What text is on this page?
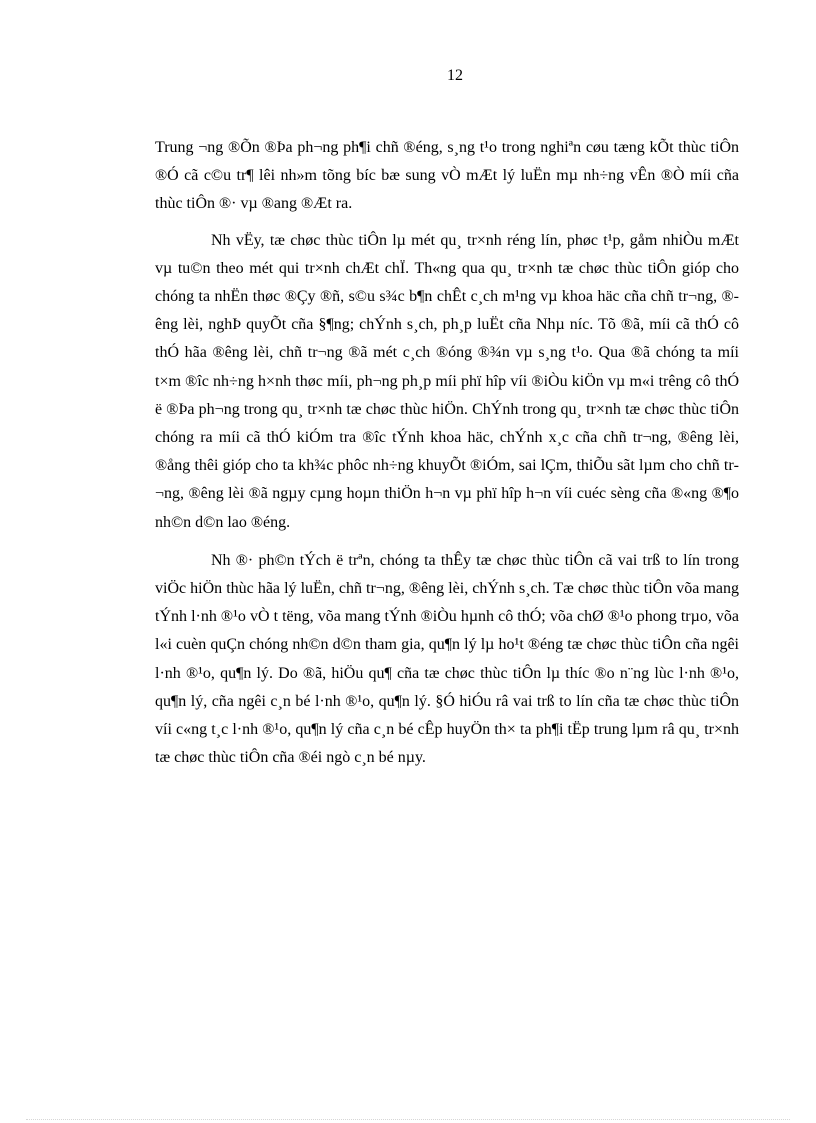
12

Trung ¬ng ®Õn ®Þa ph¬ng ph¶i chñ ®éng, s¸ng t¹o trong nghiªn cøu tæng kÕt thùc tiÔn ®Ó cã c©u tr¶ lêi nh»m tõng bíc bæ sung vÒ mÆt lý luËn mµ nh÷ng vÊn ®Ò míi cña thùc tiÔn ®· vµ ®ang ®Æt ra.

Nh vËy, tæ chøc thùc tiÔn lµ mét qu¸ tr×nh réng lín, phøc t¹p, gåm nhiÒu mÆt vµ tu©n theo mét qui tr×nh chÆt chÏ. Th«ng qua qu¸ tr×nh tæ chøc thùc tiÔn gióp cho chóng ta nhËn thøc ®Çy ®ñ, s©u s¾c b¶n chÊt c¸ch m¹ng vµ khoa häc cña chñ tr¬ng, ®êng lèi, nghÞ quyÕt cña §¶ng; chÝnh s¸ch, ph¸p luËt cña Nhµ níc. Tõ ®ã, míi cã thÓ cô thÓ hãa ®êng lèi, chñ tr¬ng ®ã mét c¸ch ®óng ®¾n vµ s¸ng t¹o. Qua ®ã chóng ta míi t×m ®îc nh÷ng h×nh thøc míi, ph¬ng ph¸p míi phï hîp víi ®iÒu kiÖn vµ m«i trêng cô thÓ ë ®Þa ph¬ng trong qu¸ tr×nh tæ chøc thùc hiÖn. ChÝnh trong qu¸ tr×nh tæ chøc thùc tiÔn chóng ra míi cã thÓ kiÓm tra ®îc tÝnh khoa häc, chÝnh x¸c cña chñ tr¬ng, ®êng lèi, ®ång thêi gióp cho ta kh¾c phôc nh÷ng khuyÕt ®iÓm, sai lÇm, thiÕu sãt lµm cho chñ tr¬ng, ®êng lèi ®ã ngµy cµng hoµn thiÖn h¬n vµ phï hîp h¬n víi cuéc sèng cña ®«ng ®¶o nh©n d©n lao ®éng.

Nh ®· ph©n tÝch ë trªn, chóng ta thÊy tæ chøc thùc tiÔn cã vai trß to lín trong viÖc hiÖn thùc hãa lý luËn, chñ tr¬ng, ®êng lèi, chÝnh s¸ch. Tæ chøc thùc tiÔn võa mang tÝnh l·nh ®¹o vÒ t tëng, võa mang tÝnh ®iÒu hµnh cô thÓ; võa chØ ®¹o phong trµo, võa l«i cuèn quÇn chóng nh©n d©n tham gia, qu¶n lý lµ ho¹t ®éng tæ chøc thùc tiÔn cña ngêi l·nh ®¹o, qu¶n lý. Do ®ã, hiÖu qu¶ cña tæ chøc thùc tiÔn lµ thíc ®o n¨ng lùc l·nh ®¹o, qu¶n lý, cña ngêi c¸n bé l·nh ®¹o, qu¶n lý. §Ó hiÓu râ vai trß to lín cña tæ chøc thùc tiÔn víi c«ng t¸c l·nh ®¹o, qu¶n lý cña c¸n bé cÊp huyÖn th× ta ph¶i tËp trung lµm râ qu¸ tr×nh tæ chøc thùc tiÔn cña ®éi ngò c¸n bé nµy.
